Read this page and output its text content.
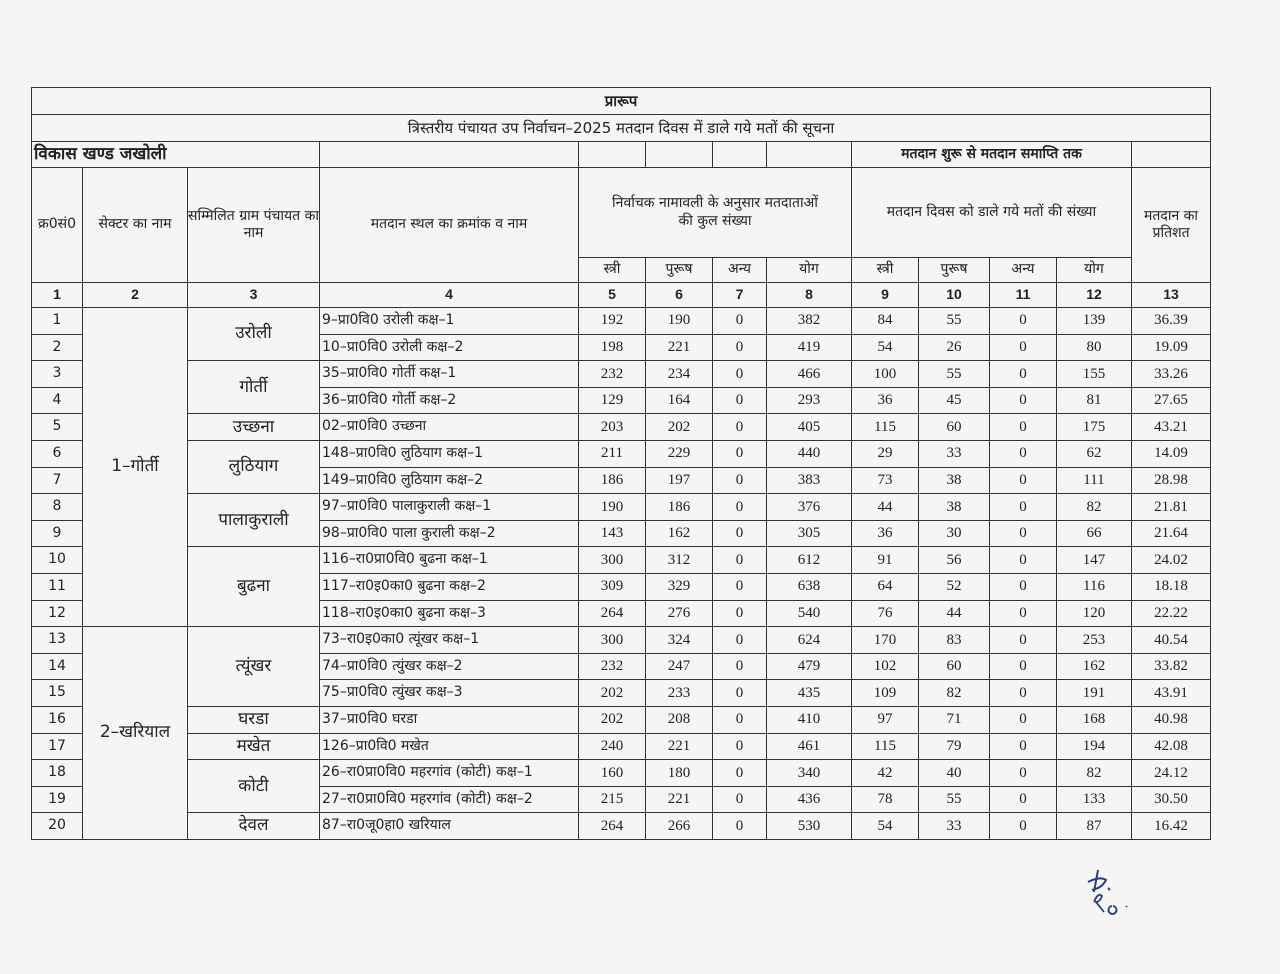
प्रारूप												
त्रिस्तरीय पंचायत उप निर्वाचन–2025 मतदान दिवस में डाले गये मतों की सूचना												
विकास खण्ड जखोली								मतदान शुरू से मतदान समाप्ति तक				
क्र0सं0	सेक्टर का नाम	सम्मिलित ग्राम पंचायत का नाम	मतदान स्थल का क्रमांक व नाम	निर्वाचक नामावली के अनुसार मतदाताओं की कुल संख्या				मतदान दिवस को डाले गये मतों की संख्या				मतदान का प्रतिशत
				स्त्री	पुरूष	अन्य	योग	स्त्री	पुरूष	अन्य	योग	
1	2	3	4	5	6	7	8	9	10	11	12	13
1	1–गोर्ती	उरोली	9–प्रा0वि0 उरोली कक्ष–1	192	190	0	382	84	55	0	139	36.39
2			10–प्रा0वि0 उरोली कक्ष–2	198	221	0	419	54	26	0	80	19.09
3		गोर्ती	35–प्रा0वि0 गोर्ती कक्ष–1	232	234	0	466	100	55	0	155	33.26
4			36–प्रा0वि0 गोर्ती कक्ष–2	129	164	0	293	36	45	0	81	27.65
5		उच्छना	02–प्रा0वि0 उच्छना	203	202	0	405	115	60	0	175	43.21
6		लुठियाग	148–प्रा0वि0 लुठियाग कक्ष–1	211	229	0	440	29	33	0	62	14.09
7			149–प्रा0वि0 लुठियाग कक्ष–2	186	197	0	383	73	38	0	111	28.98
8		पालाकुराली	97–प्रा0वि0 पालाकुराली कक्ष–1	190	186	0	376	44	38	0	82	21.81
9			98–प्रा0वि0 पाला कुराली कक्ष–2	143	162	0	305	36	30	0	66	21.64
10		बुढना	116–रा0प्रा0वि0 बुढना कक्ष–1	300	312	0	612	91	56	0	147	24.02
11			117–रा0इ0का0 बुढना कक्ष–2	309	329	0	638	64	52	0	116	18.18
12			118–रा0इ0का0 बुढना कक्ष–3	264	276	0	540	76	44	0	120	22.22
13	2–खरियाल	त्यूंखर	73–रा0इ0का0 त्यूंखर कक्ष–1	300	324	0	624	170	83	0	253	40.54
14			74–प्रा0वि0 त्युंखर कक्ष–2	232	247	0	479	102	60	0	162	33.82
15			75–प्रा0वि0 त्युंखर कक्ष–3	202	233	0	435	109	82	0	191	43.91
16		घरडा	37–प्रा0वि0 घरडा	202	208	0	410	97	71	0	168	40.98
17		मखेत	126–प्रा0वि0 मखेत	240	221	0	461	115	79	0	194	42.08
18		कोटी	26–रा0प्रा0वि0 महरगांव (कोटी) कक्ष–1	160	180	0	340	42	40	0	82	24.12
19			27–रा0प्रा0वि0 महरगांव (कोटी) कक्ष–2	215	221	0	436	78	55	0	133	30.50
20		देवल	87–रा0जू0हा0 खरियाल	264	266	0	530	54	33	0	87	16.42
